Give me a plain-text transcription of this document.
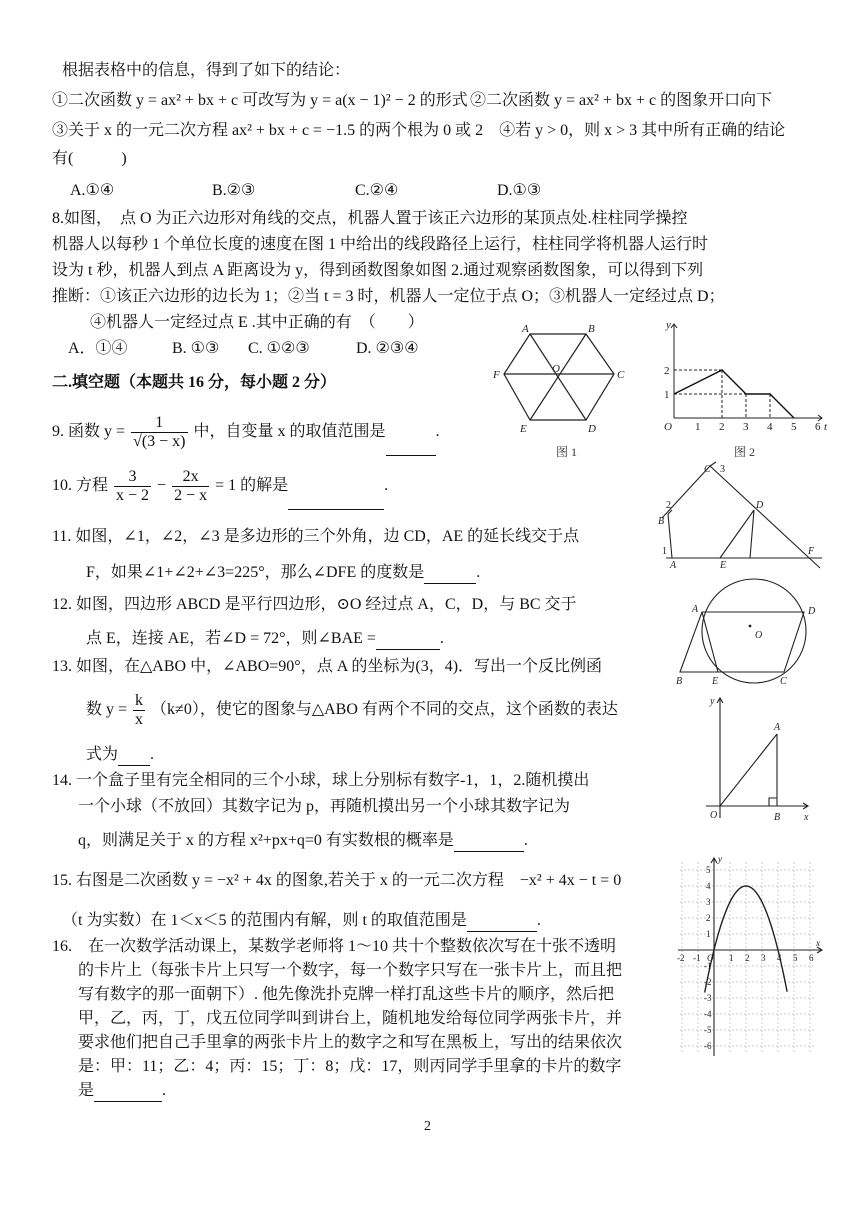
根据表格中的信息，得到了如下的结论：
①二次函数 y = ax² + bx + c 可改写为 y = a(x − 1)² − 2 的形式 ②二次函数 y = ax² + bx + c 的图象开口向下
③关于 x 的一元二次方程 ax² + bx + c = −1.5 的两个根为 0 或 2　④若 y > 0，则 x > 3 其中所有正确的结论
有(　　　)
A.①④	B.②③	C.②④	D.①③
8.如图，　点 O 为正六边形对角线的交点，机器人置于该正六边形的某顶点处.柱柱同学操控
机器人以每秒 1 个单位长度的速度在图 1 中给出的线段路径上运行，柱柱同学将机器人运行时
设为 t 秒，机器人到点 A 距离设为 y，得到函数图象如图 2.通过观察函数图象，可以得到下列
推断：①该正六边形的边长为 1；②当 t = 3 时，机器人一定位于点 O；③机器人一定经过点 D；
④机器人一定经过点 E .其中正确的有　（　　）
A．①④	B. ①③ C. ①②③	D. ②③④
A	B
C
D
E
F	O
图 1
y
t
O
1
2
1 2 3 4 5 6
图 2
二.填空题（本题共 16 分，每小题 2 分）
9. 函数 $y = \frac{1}{√(3 - x)}$ 中，自变量 x 的取值范围是	.
10. 方程 $\frac{3}{x - 2} - \frac{2x}{2 - x} = 1$ 的解是	.
11. 如图，∠1，∠2，∠3 是多边形的三个外角，边 CD，AE 的延长线交于点
F，如果∠1+∠2+∠3=225°，那么∠DFE 的度数是	.
C 3
2
B
1
A	E
D
F
12. 如图，四边形 ABCD 是平行四边形，⊙O 经过点 A，C，D，与 BC 交于
点 E，连接 AE，若∠D = 72°，则∠BAE =	.
A	D
O
B	E	C
13. 如图，在△ABO 中，∠ABO=90°，点 A 的坐标为(3，4)．写出一个反比例函
数 $y = \frac{k}{x} (k\ne 0)$，使它的图象与△ABO 有两个不同的交点，这个函数的表达
式为 .
y
A
O	B x
14. 一个盒子里有完全相同的三个小球，球上分别标有数字-1，1，2.随机摸出
一个小球（不放回）其数字记为 p，再随机摸出另一个小球其数字记为
q，则满足关于 x 的方程 x²+px+q=0 有实数根的概率是	.
15. 右图是二次函数 y = −x² + 4x 的图象,若关于 x 的一元二次方程　−x² + 4x − t = 0
（t 为实数）在 1＜x＜5 的范围内有解，则 t 的取值范围是	.
y
x
5
4
3
2
1
-1
-2
-3
-4
-5
-6
-2 -1 O 1 2 3 4 5 6
16.　在一次数学活动课上，某数学老师将 1～10 共十个整数依次写在十张不透明
的卡片上（每张卡片上只写一个数字，每一个数字只写在一张卡片上，而且把
写有数字的那一面朝下）. 他先像洗扑克牌一样打乱这些卡片的顺序，然后把
甲，乙，丙，丁，戊五位同学叫到讲台上，随机地发给每位同学两张卡片，并
要求他们把自己手里拿的两张卡片上的数字之和写在黑板上，写出的结果依次
是：甲：11；乙：4；丙：15；丁：8；戊：17，则丙同学手里拿的卡片的数字
是	.
2
